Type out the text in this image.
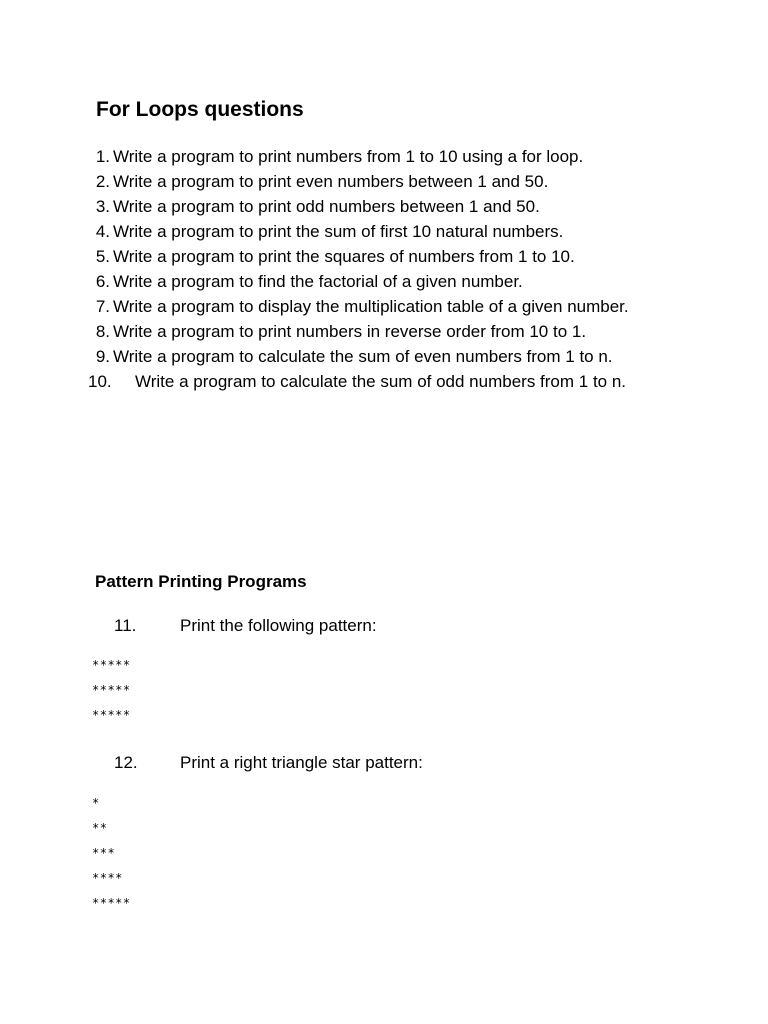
For Loops questions
1. Write a program to print numbers from 1 to 10 using a for loop.
2. Write a program to print even numbers between 1 and 50.
3. Write a program to print odd numbers between 1 and 50.
4. Write a program to print the sum of first 10 natural numbers.
5. Write a program to print the squares of numbers from 1 to 10.
6. Write a program to find the factorial of a given number.
7. Write a program to display the multiplication table of a given number.
8. Write a program to print numbers in reverse order from 10 to 1.
9. Write a program to calculate the sum of even numbers from 1 to n.
10. Write a program to calculate the sum of odd numbers from 1 to n.
Pattern Printing Programs
11.	Print the following pattern:
*****
*****
*****
12. Print a right triangle star pattern:
*
**
***
****
*****
